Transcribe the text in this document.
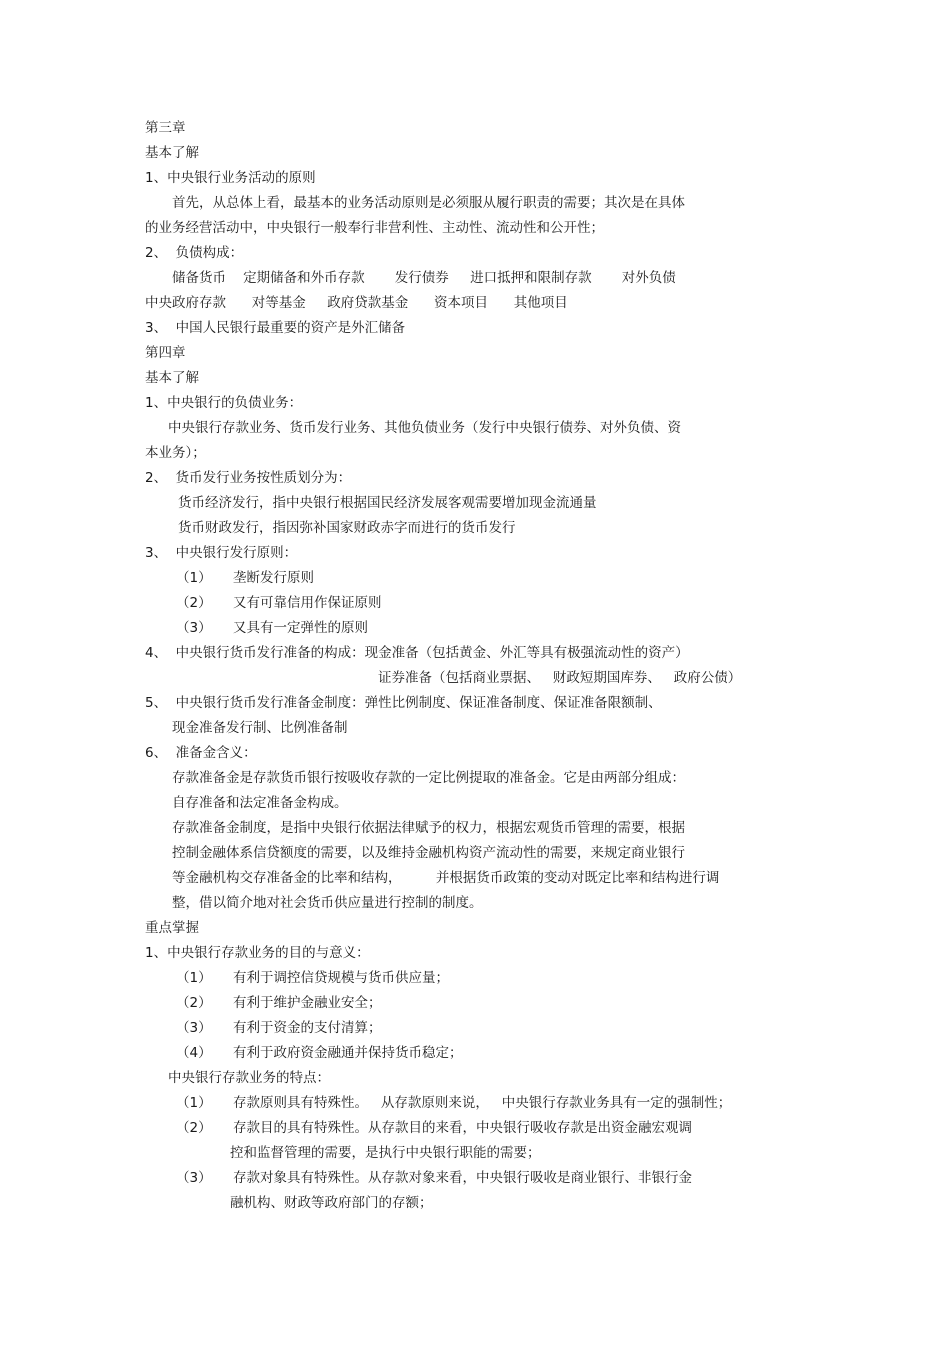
第三章
基本了解
1、中央银行业务活动的原则
首先，从总体上看，最基本的业务活动原则是必须服从履行职责的需要；其次是在具体
的业务经营活动中，中央银行一般奉行非营利性、主动性、流动性和公开性；
2、  负债构成：
储备货币    定期储备和外币存款       发行债券     进口抵押和限制存款       对外负债
中央政府存款      对等基金     政府贷款基金      资本项目      其他项目
3、  中国人民银行最重要的资产是外汇储备
第四章
基本了解
1、中央银行的负债业务：
中央银行存款业务、货币发行业务、其他负债业务（发行中央银行债券、对外负债、资
本业务）；
2、  货币发行业务按性质划分为：
货币经济发行，指中央银行根据国民经济发展客观需要增加现金流通量
货币财政发行，指因弥补国家财政赤字而进行的货币发行
3、  中央银行发行原则：
（1）     垄断发行原则
（2）     又有可靠信用作保证原则
（3）     又具有一定弹性的原则
4、  中央银行货币发行准备的构成：现金准备（包括黄金、外汇等具有极强流动性的资产）
证券准备（包括商业票据、   财政短期国库券、   政府公债）
5、  中央银行货币发行准备金制度：弹性比例制度、保证准备制度、保证准备限额制、
现金准备发行制、比例准备制
6、  准备金含义：
存款准备金是存款货币银行按吸收存款的一定比例提取的准备金。它是由两部分组成：
自存准备和法定准备金构成。
存款准备金制度，是指中央银行依据法律赋予的权力，根据宏观货币管理的需要，根据
控制金融体系信贷额度的需要，以及维持金融机构资产流动性的需要，来规定商业银行
等金融机构交存准备金的比率和结构，        并根据货币政策的变动对既定比率和结构进行调
整，借以简介地对社会货币供应量进行控制的制度。
重点掌握
1、中央银行存款业务的目的与意义：
（1）     有利于调控信贷规模与货币供应量；
（2）     有利于维护金融业安全；
（3）     有利于资金的支付清算；
（4）     有利于政府资金融通并保持货币稳定；
中央银行存款业务的特点：
（1）     存款原则具有特殊性。   从存款原则来说，   中央银行存款业务具有一定的强制性；
（2）     存款目的具有特殊性。从存款目的来看，中央银行吸收存款是出资金融宏观调
控和监督管理的需要，是执行中央银行职能的需要；
（3）     存款对象具有特殊性。从存款对象来看，中央银行吸收是商业银行、非银行金
融机构、财政等政府部门的存额；
